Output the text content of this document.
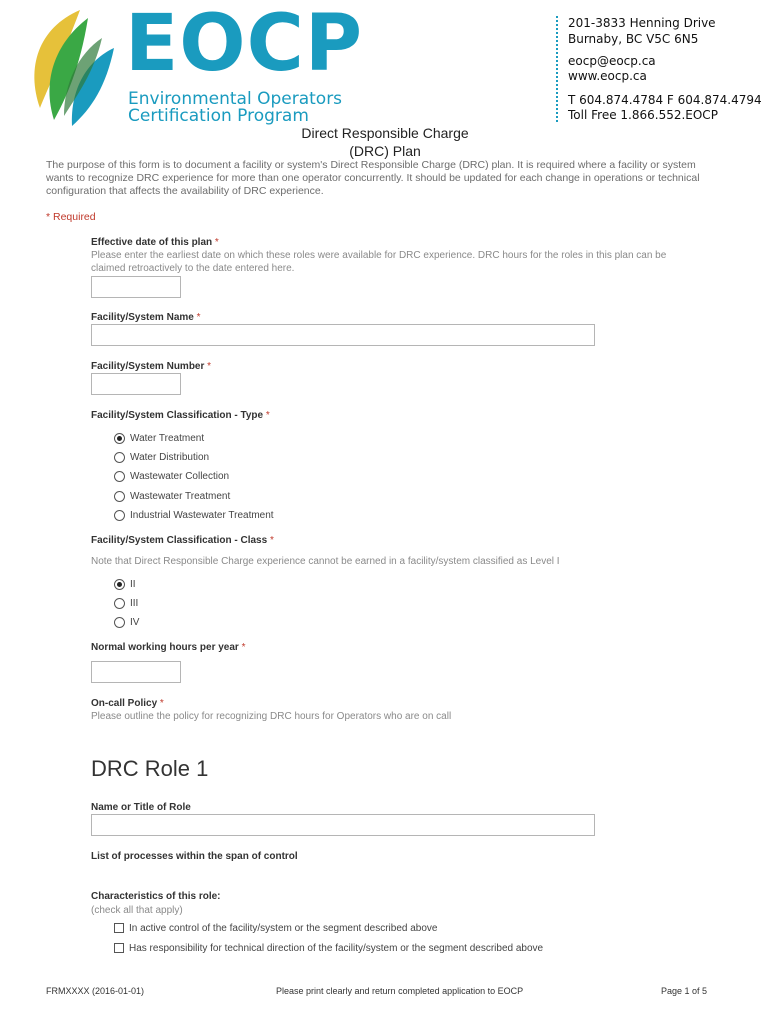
EOCP
Environmental Operators
Certification Program
201-3833 Henning Drive
Burnaby, BC V5C 6N5
eocp@eocp.ca
www.eocp.ca
T 604.874.4784 F 604.874.4794
Toll Free 1.866.552.EOCP
Direct Responsible Charge
(DRC) Plan
The purpose of this form is to document a facility or system's Direct Responsible Charge (DRC) plan. It is required where a facility or system
wants to recognize DRC experience for more than one operator concurrently. It should be updated for each change in operations or technical
configuration that affects the availability of DRC experience.
* Required
Effective date of this plan *
Please enter the earliest date on which these roles were available for DRC experience. DRC hours for the roles in this plan can be
claimed retroactively to the date entered here.
Facility/System Name *
Facility/System Number *
Facility/System Classification - Type *
Water Treatment
Water Distribution
Wastewater Collection
Wastewater Treatment
Industrial Wastewater Treatment
Facility/System Classification - Class *
Note that Direct Responsible Charge experience cannot be earned in a facility/system classified as Level I
II
III
IV
Normal working hours per year *
On-call Policy *
Please outline the policy for recognizing DRC hours for Operators who are on call
DRC Role 1
Name or Title of Role
List of processes within the span of control
Characteristics of this role:
(check all that apply)
In active control of the facility/system or the segment described above
Has responsibility for technical direction of the facility/system or the segment described above
FRMXXXX (2016-01-01)	Please print clearly and return completed application to EOCP	Page 1 of 5
